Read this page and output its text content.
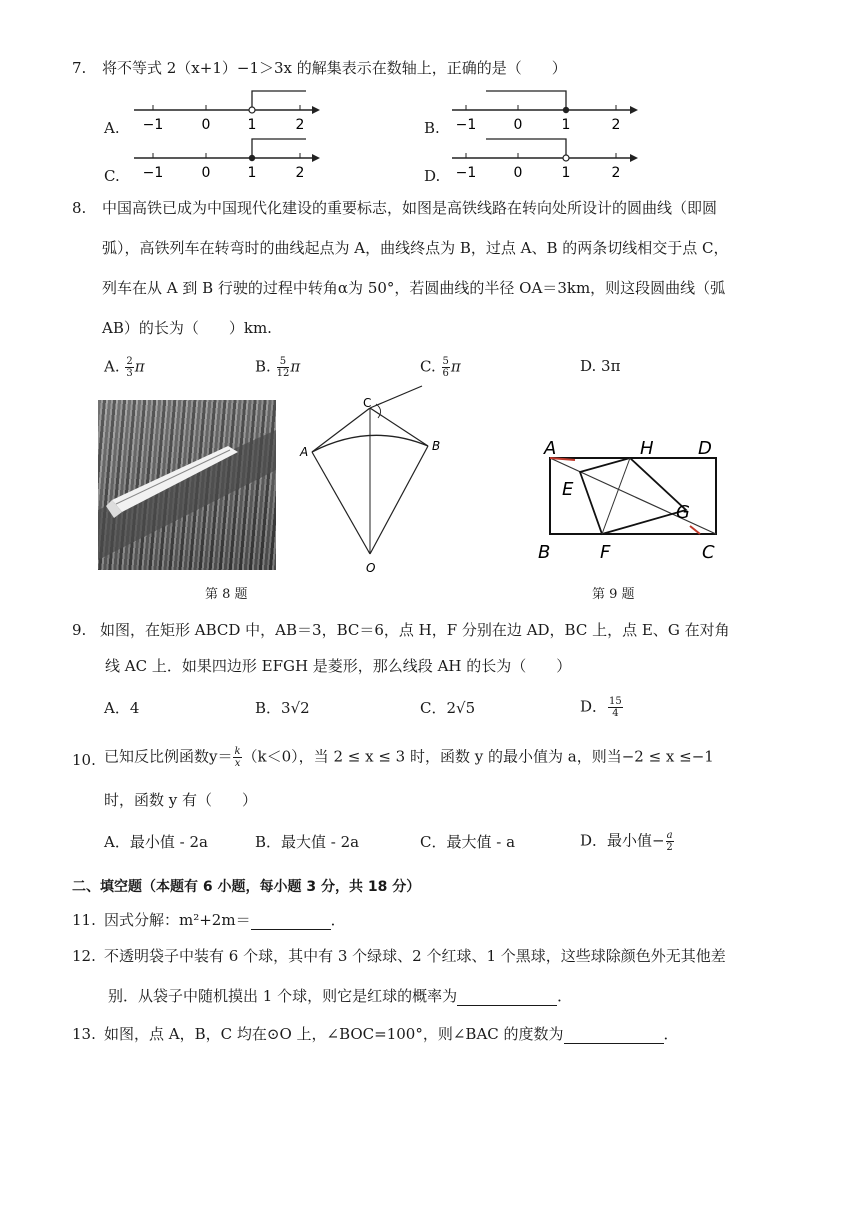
7. 将不等式 2（x+1）−1＞3x 的解集表示在数轴上，正确的是（　　）
A. −1	0	1	2	B. −1	0	1	2
C. −1	0	1	2	D. −1	0	1	2
8. 中国高铁已成为中国现代化建设的重要标志，如图是高铁线路在转向处所设计的圆曲线（即圆
弧），高铁列车在转弯时的曲线起点为 A，曲线终点为 B，过点 A、B 的两条切线相交于点 C，
列车在从 A 到 B 行驶的过程中转角α为 50°，若圆曲线的半径 OA＝3km，则这段圆曲线（弧
AB）的长为（　　）km.
A. $\frac{2}{3}$ π	B. $\frac{5}{12}$ π	C. $\frac{5}{6}$ π	D. 3π
C
A	B
O
第 8 题
A	H D
E
G
B	F	C
第 9 题
9. 如图，在矩形 ABCD 中，AB＝3，BC＝6，点 H，F 分别在边 AD，BC 上，点 E、G 在对角
线 AC 上．如果四边形 EFGH 是菱形，那么线段 AH 的长为（　　）
A．4	B．3√2	C．2√5	D． $\frac{15}{4}$
10. 已知反比例函数$y= \frac{k}{x} (k<0)$，当 2 ≤ x ≤ 3 时，函数 y 的最小值为 a，则当−2 ≤ x ≤−1
时，函数 y 有（　　）
A．最小值 - 2a	B．最大值 - 2a	C．最大值 - a	D．最小值− $\frac{a}{2}$
二、填空题（本题有 6 小题，每小题 3 分，共 18 分）
11. 因式分解：m²+2m＝	．
12. 不透明袋子中装有 6 个球，其中有 3 个绿球、2 个红球、1 个黑球，这些球除颜色外无其他差
别．从袋子中随机摸出 1 个球，则它是红球的概率为	．
13. 如图，点 A，B，C 均在⊙O 上，∠BOC=100°，则∠BAC 的度数为	．
